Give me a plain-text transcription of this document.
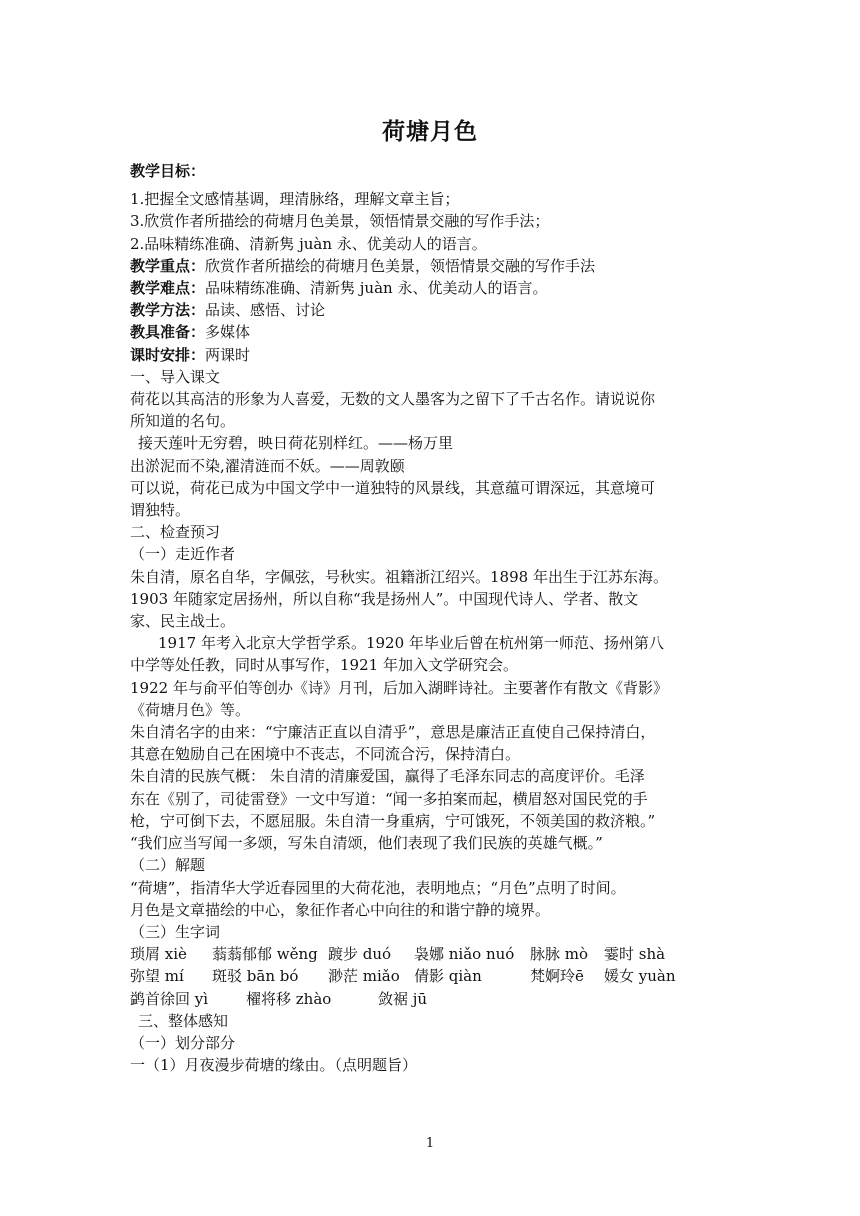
荷塘月色

教学目标：

1.把握全文感情基调，理清脉络，理解文章主旨；

3.欣赏作者所描绘的荷塘月色美景，领悟情景交融的写作手法；

2.品味精练准确、清新隽 juàn 永、优美动人的语言。

教学重点：欣赏作者所描绘的荷塘月色美景，领悟情景交融的写作手法

教学难点：品味精练准确、清新隽 juàn 永、优美动人的语言。

教学方法：品读、感悟、讨论

教具准备：多媒体

课时安排：两课时

一、导入课文

荷花以其高洁的形象为人喜爱，无数的文人墨客为之留下了千古名作。请说说你

所知道的名句。

接天莲叶无穷碧，映日荷花别样红。——杨万里

出淤泥而不染,濯清涟而不妖。——周敦颐

可以说，荷花已成为中国文学中一道独特的风景线，其意蕴可谓深远，其意境可

谓独特。

二、检查预习

（一）走近作者

朱自清，原名自华，字佩弦，号秋实。祖籍浙江绍兴。1898 年出生于江苏东海。

1903 年随家定居扬州，所以自称“我是扬州人”。中国现代诗人、学者、散文

家、民主战士。

1917 年考入北京大学哲学系。1920 年毕业后曾在杭州第一师范、扬州第八

中学等处任教，同时从事写作，1921 年加入文学研究会。

1922 年与俞平伯等创办《诗》月刊，后加入湖畔诗社。主要著作有散文《背影》

《荷塘月色》等。

朱自清名字的由来：“宁廉洁正直以自清乎”，意思是廉洁正直使自己保持清白，

其意在勉励自己在困境中不丧志，不同流合污，保持清白。

朱自清的民族气概： 朱自清的清廉爱国，赢得了毛泽东同志的高度评价。毛泽

东在《别了，司徒雷登》一文中写道：“闻一多拍案而起，横眉怒对国民党的手

枪，宁可倒下去，不愿屈服。朱自清一身重病，宁可饿死，不领美国的救济粮。”

“我们应当写闻一多颂，写朱自清颂，他们表现了我们民族的英雄气概。”

（二）解题

“荷塘”，指清华大学近春园里的大荷花池，表明地点；“月色”点明了时间。

月色是文章描绘的中心，象征作者心中向往的和谐宁静的境界。

（三）生字词

琐屑 xiè 蓊蓊郁郁 wěng 踱步 duó 袅娜 niǎo nuó 脉脉 mò 霎时 shà

弥望 mí 斑驳 bān bó 渺茫 miǎo 倩影 qiàn	梵婀玲ē 媛女 yuàn

鹢首徐回 yì	櫂将移 zhào	敛裾 jū

三、整体感知

（一）划分部分

一（1）月夜漫步荷塘的缘由。（点明题旨）

1
